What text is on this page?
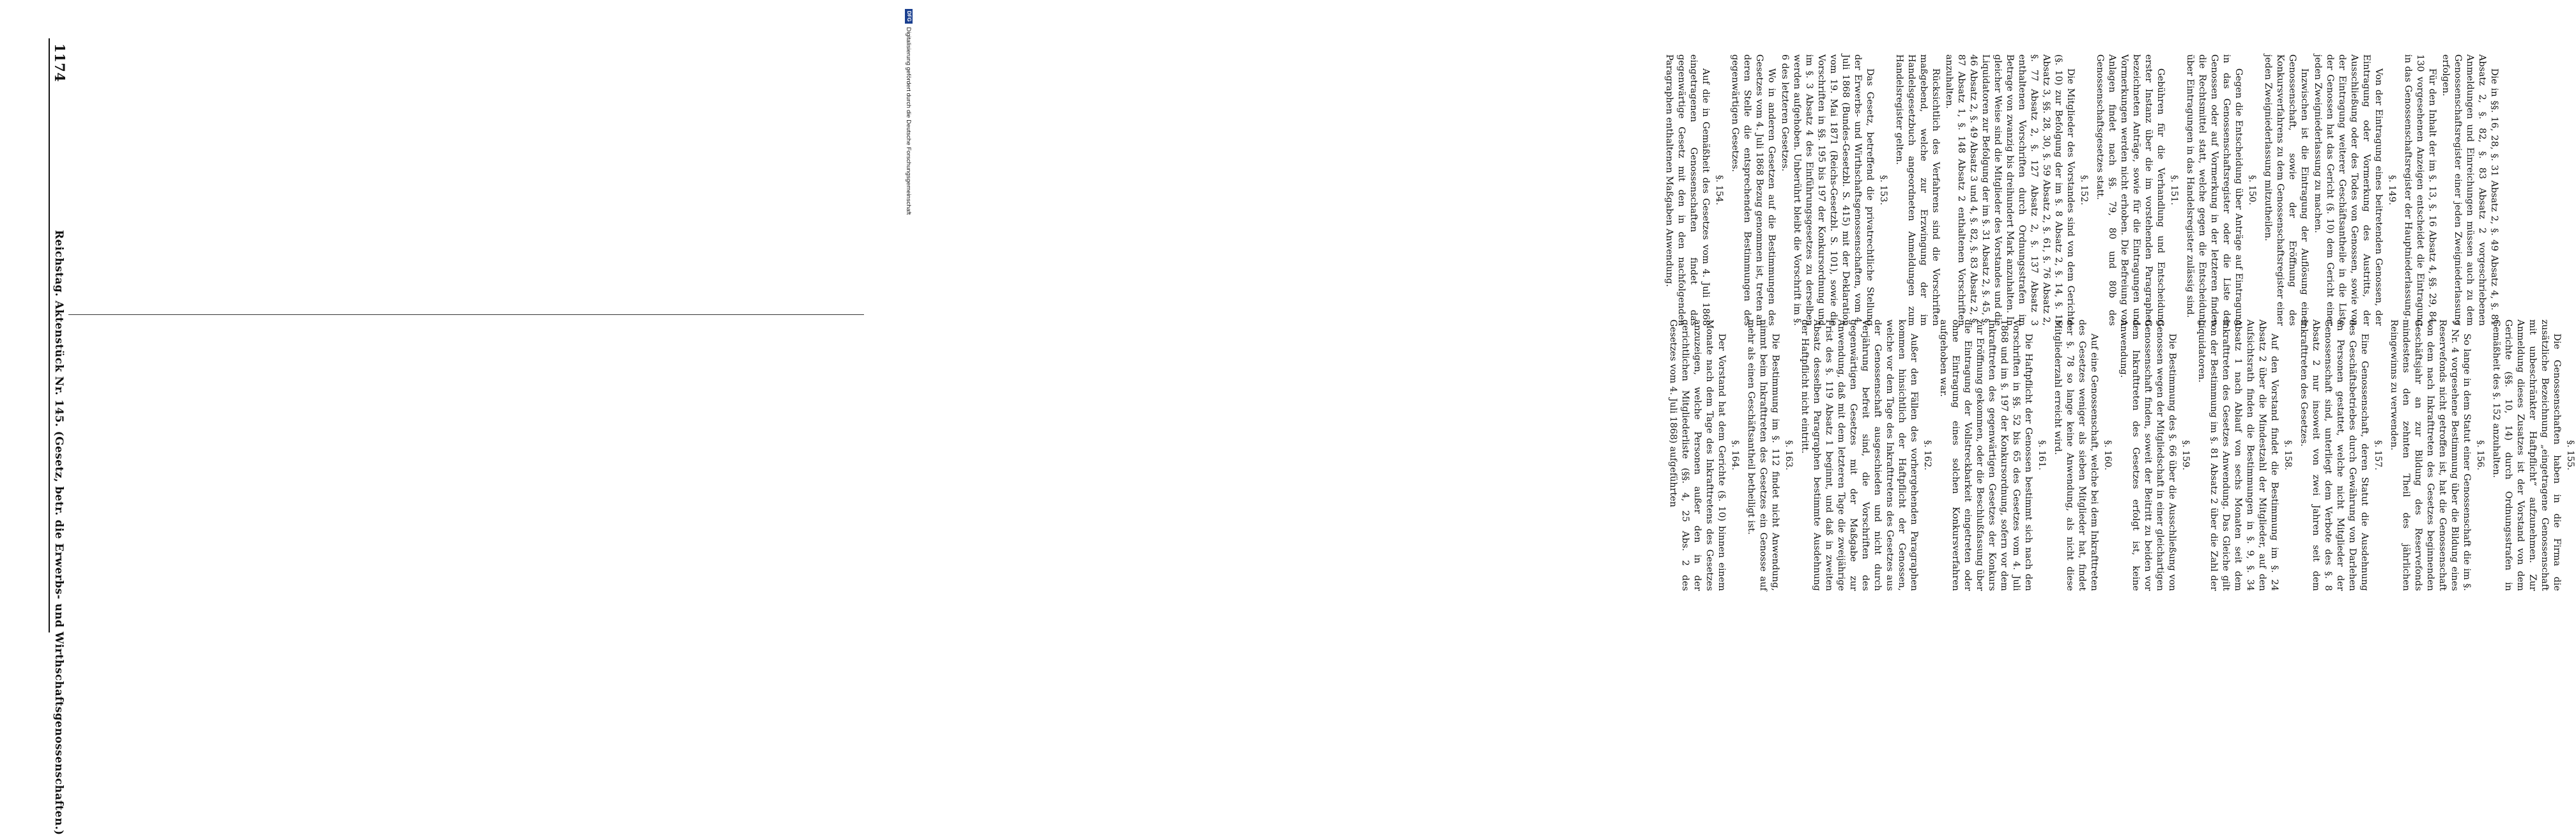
DFG Digitalisierung gefördert durch die Deutsche Forschungsgemeinschaft	Die in §§. 16, 28, §. 31 Absatz 2, §. 49 Absatz 4, §. 81 Absatz 2, §. 82, §. 83 Absatz 2 vorgeschriebenen Anmeldungen und Einreichungen müssen auch zu dem Genossenschaftsregister einer jeden Zweigniederlassung erfolgen.
Für den Inhalt der im §. 13, §. 16 Absatz 4, §§. 29, 84, 130 vorgesehenen Anzeigen entscheidet die Eintragung in das Genossenschaftsregister der Hauptniederlassung.
§. 149.
Von der Eintragung eines beitretenden Genossen, der Eintragung oder Vormerkung des Austritts, der Ausschließung oder des Todes von Genossen, sowie von der Eintragung weiterer Geschäftsantheile in die Liste der Genossen hat das Gericht (§. 10) dem Gericht einer jeden Zweigniederlassung zu machen.
Inzwischen ist die Eintragung der Auflösung einer Genossenschaft, sowie der Eröffnung des Konkursverfahrens zu dem Genossenschaftsregister einer jeden Zweigniederlassung mitzutheilen.
§. 150.
Gegen die Entscheidung über Anträge auf Eintragung in das Genossenschaftsregister oder die Liste der Genossen oder auf Vormerkung in der letzteren finden die Rechtsmittel statt, welche gegen die Entscheidung über Eintragungen in das Handelsregister zulässig sind.
§. 151.
Gebühren für die Verhandlung und Entscheidung erster Instanz über die im vorstehenden Paragraphen bezeichneten Anträge, sowie für die Eintragungen und Vormerkungen werden nicht erhoben. Die Befreiung von Anlagen findet nach §§. 79, 80 und 80b des Genossenschaftsgesetzes statt.
§. 152.
Die Mitglieder des Vorstandes sind von dem Gerichte (§. 10) zur Befolgung der im §. 8 Absatz 2, §. 14, §. 16 Absatz 3, §§. 28, 30, §. 59 Absatz 2, §. 61, §. 76 Absatz 2, §. 77 Absatz 2, §. 127 Absatz 2, §. 137 Absatz 3 enthaltenen Vorschriften durch Ordnungsstrafen im Betrage von zwanzig bis dreihundert Mark anzuhalten. In gleicher Weise sind die Mitglieder des Vorstandes und die Liquidatoren zur Befolgung der im §. 31 Absatz 2, §. 45, §. 46 Absatz 2, §. 49 Absatz 3 und 4, §. 82, §. 83 Absatz 2, §. 87 Absatz 1, §. 148 Absatz 2 enthaltenen Vorschriften anzuhalten.
Rücksichtlich des Verfahrens sind die Vorschriften maßgebend, welche zur Erzwingung der im Handelsgesetzbuch angeordneten Anmeldungen zum Handelsregister gelten.
§. 153.
Das Gesetz, betreffend die privatrechtliche Stellung der Erwerbs- und Wirthschaftsgenossenschaften, vom 4. Juli 1868 (Bundes-Gesetzbl. S. 415) mit der Deklaration vom 19. Mai 1871 (Reichs-Gesetzbl. S. 101), sowie die Vorschriften in §§. 195 bis 197 der Konkursordnung und im §. 3 Absatz 4 des Einführungsgesetzes zu derselben werden aufgehoben. Unberührt bleibt die Vorschrift im §. 6 des letzteren Gesetzes.
Wo in anderen Gesetzen auf die Bestimmungen des Gesetzes vom 4. Juli 1868 Bezug genommen ist, treten an deren Stelle die entsprechenden Bestimmungen des gegenwärtigen Gesetzes.
§. 154.
Auf die in Gemäßheit des Gesetzes vom 4. Juli 1868 eingetragenen Genossenschaften findet das gegenwärtige Gesetz mit den in den nachfolgenden Paragraphen enthaltenen Maßgaben Anwendung.
§. 155.
Die Genossenschaften haben in die Firma die zusätzliche Bezeichnung „eingetragene Genossenschaft mit unbeschränkter Haftpflicht“ aufzunehmen. Zur Anmeldung dieses Zusatzes ist der Vorstand von dem Gerichte (§§. 10, 14) durch Ordnungsstrafen in Gemäßheit des §. 152 anzuhalten.
§. 156.
So lange in dem Statut einer Genossenschaft die im §. 7 Nr. 4 vorgesehene Bestimmung über die Bildung eines Reservefonds nicht getroffen ist, hat die Genossenschaft von dem nach Inkrafttreten des Gesetzes beginnenden Geschäftsjahr an zur Bildung des Reservefonds mindestens den zehnten Theil des jährlichen Reingewinns zu verwenden.
§. 157.
Eine Genossenschaft, deren Statut die Ausdehnung des Geschäftsbetriebes durch Gewährung von Darlehen an Personen gestattet, welche nicht Mitglieder der Genossenschaft sind, unterliegt dem Verbote des §. 8 Absatz 2 nur insoweit von zwei Jahren seit dem Inkrafttreten des Gesetzes.
§. 158.
Auf den Vorstand findet die Bestimmung im §. 24 Absatz 2 über die Mindestzahl der Mitglieder, auf den Aufsichtsrath finden die Bestimmungen in §. 9, §. 34 Absatz 1 nach Ablauf von sechs Monaten seit dem Inkrafttreten des Gesetzes Anwendung. Das Gleiche gilt von der Bestimmung im §. 81 Absatz 2 über die Zahl der Liquidatoren.
§. 159.
Die Bestimmung des §. 66 über die Ausschließung von Genossen wegen der Mitgliedschaft in einer gleichartigen Genossenschaft finden, soweit der Beitritt zu beiden vor dem Inkrafttreten des Gesetzes erfolgt ist, keine Anwendung.
§. 160.
Auf eine Genossenschaft, welche bei dem Inkrafttreten des Gesetzes weniger als sieben Mitglieder hat, findet der §. 78 so lange keine Anwendung, als nicht diese Mitgliederzahl erreicht wird.
§. 161.
Die Haftpflicht der Genossen bestimmt sich nach den Vorschriften in §§. 52 bis 65 des Gesetzes vom 4. Juli 1868 und im §. 197 der Konkursordnung, sofern vor dem Inkrafttreten des gegenwärtigen Gesetzes der Konkurs zur Eröffnung gekommen, oder die Beschlußfassung über die Eintragung der Vollstreckbarkeit eingetreten oder ohne Eintragung eines solchen Konkursverfahren aufgehoben war.
§. 162.
Außer den Fällen des vorhergehenden Paragraphen kommen hinsichtlich der Haftpflicht der Genossen, welche vor dem Tage des Inkrafttretens des Gesetzes aus der Genossenschaft ausgeschieden und nicht durch Verjährung befreit sind, die Vorschriften des gegenwärtigen Gesetzes mit der Maßgabe zur Anwendung, daß mit dem letzteren Tage die zweijährige Frist des §. 119 Absatz 1 beginnt, und daß in zweiten Absatz desselben Paragraphen bestimmte Ausdehnung der Haftpflicht nicht eintritt.
§. 163.
Die Bestimmung im §. 112 findet nicht Anwendung, nimmt beim Inkrafttreten des Gesetzes ein Genosse auf mehr als einen Geschäftsantheil betheiligt ist.
§. 164.
Der Vorstand hat dem Gerichte (§. 10) binnen einem Monate nach dem Tage des Inkrafttretens des Gesetzes anzuzeigen, welche Personen außer den in der gerichtlichen Mitgliederliste (§§. 4, 25 Abs. 2 des Gesetzes vom 4. Juli 1868) aufgeführten
1174
Reichstag. Aktenstück Nr. 145. (Gesetz, betr. die Erwerbs- und Wirthschaftsgenossenschaften.)
